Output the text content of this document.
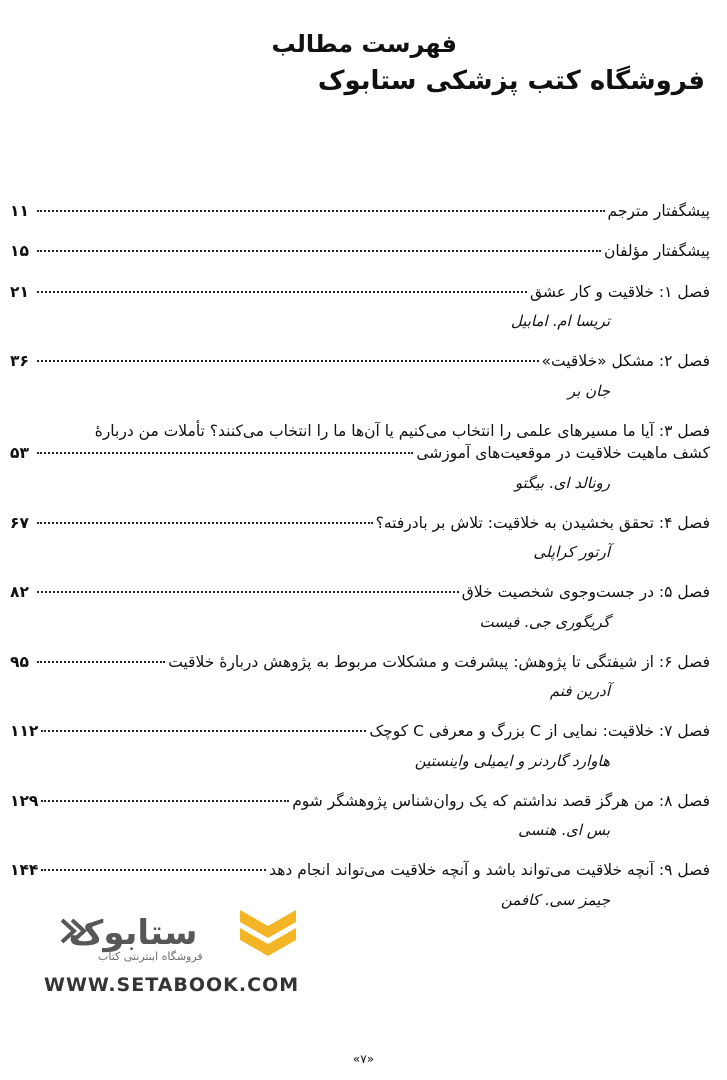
فهرست مطالب
فروشگاه کتب پزشکی ستابوک
پیشگفتار مترجم
۱۱
پیشگفتار مؤلفان
۱۵
فصل ۱: خلاقیت و کار عشق
۲۱
تریسا ام. امابیل
فصل ۲: مشکل «خلاقیت»
۳۶
جان بر
فصل ۳: آیا ما مسیرهای علمی را انتخاب می‌کنیم یا آن‌ها ما را انتخاب می‌کنند؟ تأملات من دربارهٔ
کشف ماهیت خلاقیت در موقعیت‌های آموزشی
۵۳
رونالد ای. بیگتو
فصل ۴: تحقق بخشیدن به خلاقیت: تلاش بر بادرفته؟
۶۷
آرتور کراپلی
فصل ۵: در جست‌وجوی شخصیت خلاق
۸۲
گریگوری جی. فیست
فصل ۶: از شیفتگی تا پژوهش: پیشرفت و مشکلات مربوط به پژوهش دربارهٔ خلاقیت
۹۵
آدرین فنم
فصل ۷: خلاقیت: نمایی از C بزرگ و معرفی C کوچک
۱۱۲
هاوارد گاردنر و ایمیلی واینستین
فصل ۸: من هرگز قصد نداشتم که یک روان‌شناس پژوهشگر شوم
۱۲۹
بس ای. هنسی
فصل ۹: آنچه خلاقیت می‌تواند باشد و آنچه خلاقیت می‌تواند انجام دهد
۱۴۴
جیمز سی. کافمن
ستابوک
فروشگاه اینترنتی کتاب
WWW.SETABOOK.COM
«۷»
